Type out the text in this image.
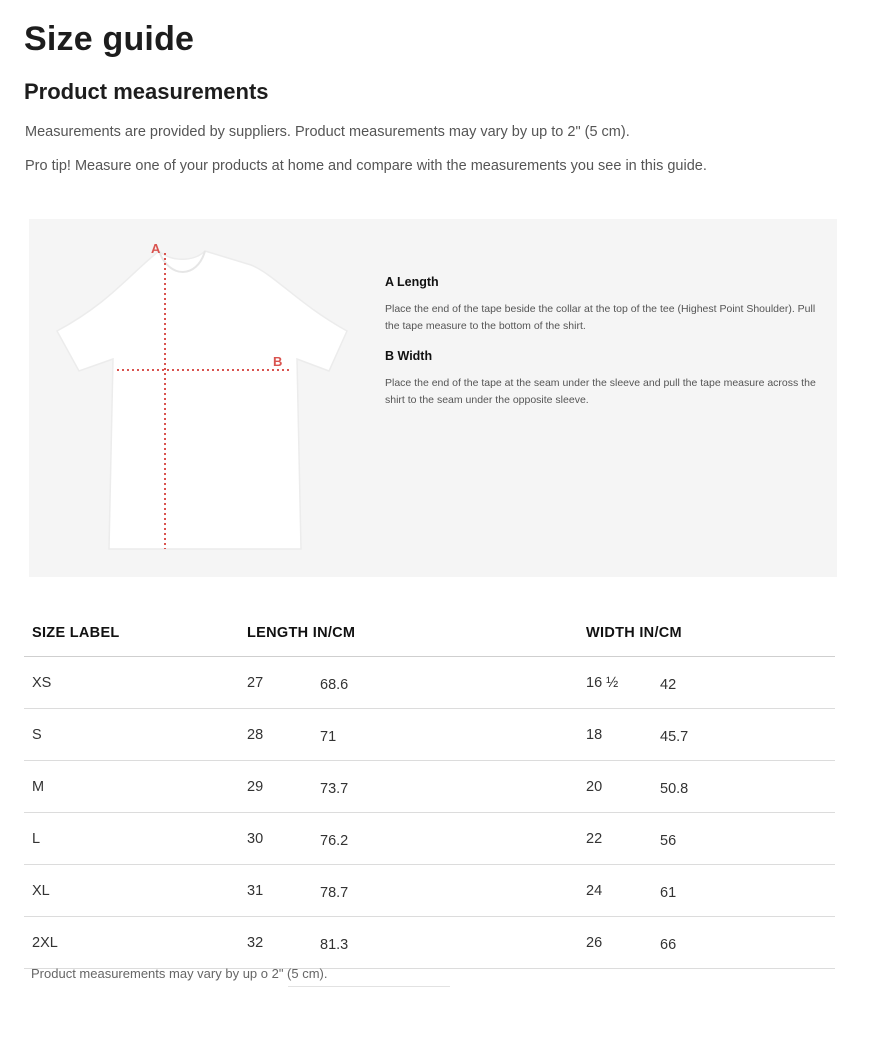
Size guide
Product measurements

Measurements are provided by suppliers. Product measurements may vary by up to 2" (5 cm).

Pro tip! Measure one of your products at home and compare with the measurements you see in this guide.

A
B

A Length

Place the end of the tape beside the collar at the top of the tee (Highest Point Shoulder). Pull the tape measure to the bottom of the shirt.

B Width

Place the end of the tape at the seam under the sleeve and pull the tape measure across the shirt to the seam under the opposite sleeve.

SIZE LABEL	LENGTH IN/CM		WIDTH IN/CM	
XS	27	68.6	16 ½	42
S	28	71	18	45.7
M	29	73.7	20	50.8
L	30	76.2	22	56
XL	31	78.7	24	61
2XL	32	81.3	26	66

Product measurements may vary by up o 2" (5 cm).
